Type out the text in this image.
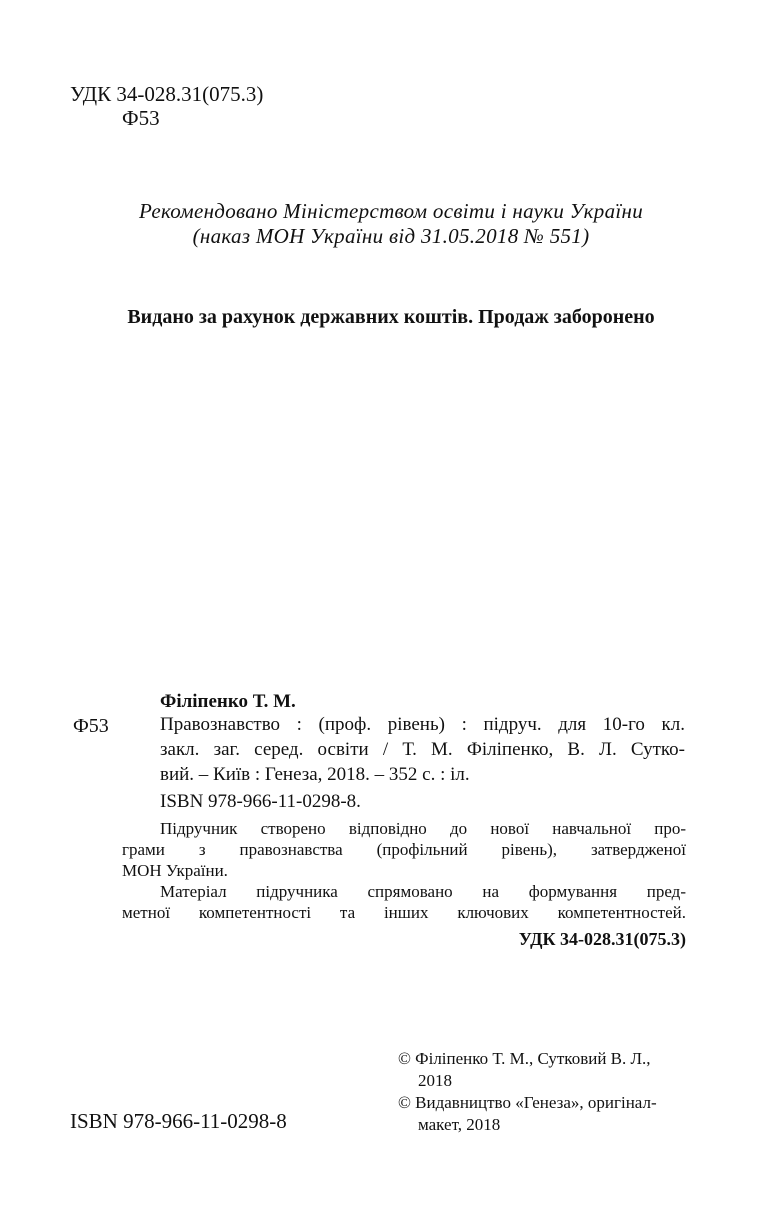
УДК 34-028.31(075.3)
Ф53
Рекомендовано Міністерством освіти і науки України
(наказ МОН України від 31.05.2018 № 551)
Видано за рахунок державних коштів. Продаж заборонено
Філіпенко Т. М.
Ф53	Правознавство : (проф. рівень) : підруч. для 10-го кл.
закл. заг. серед. освіти / Т. М. Філіпенко, В. Л. Сутко-
вий. – Київ : Генеза, 2018. – 352 с. : іл.
ISBN 978-966-11-0298-8.
Підручник створено відповідно до нової навчальної про-
грами з правознавства (профільний рівень), затвердженої
МОН України.
Матеріал підручника спрямовано на формування пред-
метної компетентності та інших ключових компетентностей.
УДК 34-028.31(075.3)
ISBN 978-966-11-0298-8
© Філіпенко Т. М., Сутковий В. Л.,
2018
© Видавництво «Генеза», оригінал-
макет, 2018
